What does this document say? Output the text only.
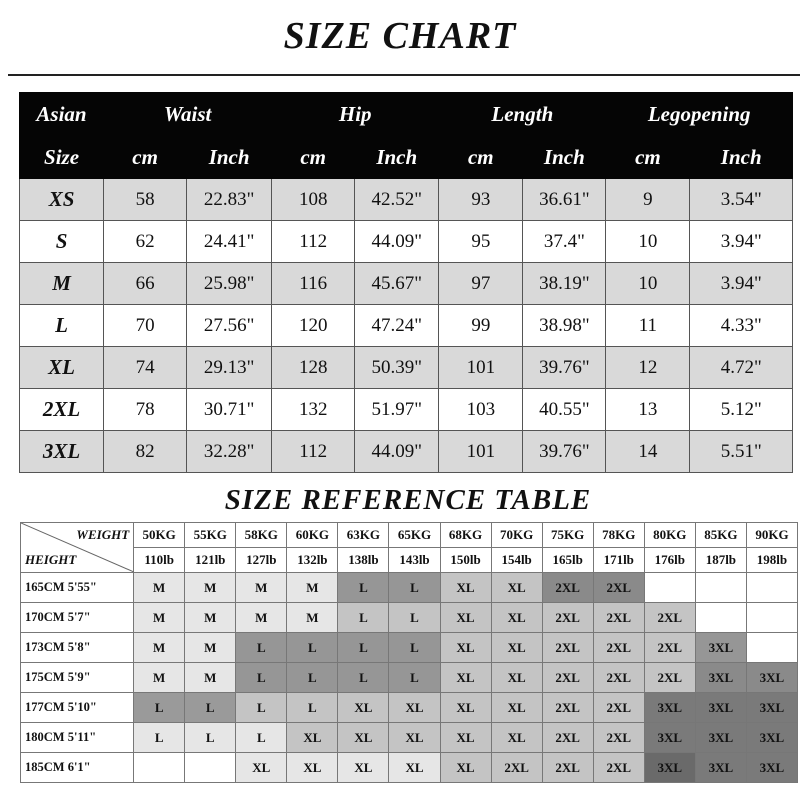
SIZE CHART
Asian	Waist		Hip		Length		Legopening	
Size	cm	Inch	cm	Inch	cm	Inch	cm	Inch
XS	58	22.83"	108	42.52"	93	36.61"	9	3.54"
S	62	24.41"	112	44.09"	95	37.4"	10	3.94"
M	66	25.98"	116	45.67"	97	38.19"	10	3.94"
L	70	27.56"	120	47.24"	99	38.98"	11	4.33"
XL	74	29.13"	128	50.39"	101	39.76"	12	4.72"
2XL	78	30.71"	132	51.97"	103	40.55"	13	5.12"
3XL	82	32.28"	112	44.09"	101	39.76"	14	5.51"
SIZE REFERENCE TABLE
WEIGHT
HEIGHT	50KG	55KG	58KG	60KG	63KG	65KG	68KG	70KG	75KG	78KG	80KG	85KG	90KG
	110lb	121lb	127lb	132lb	138lb	143lb	150lb	154lb	165lb	171lb	176lb	187lb	198lb
165CM 5'55"	M	M	M	M	L	L	XL	XL	2XL	2XL			
170CM 5'7"	M	M	M	M	L	L	XL	XL	2XL	2XL	2XL		
173CM 5'8"	M	M	L	L	L	L	XL	XL	2XL	2XL	2XL	3XL	
175CM 5'9"	M	M	L	L	L	L	XL	XL	2XL	2XL	2XL	3XL	3XL
177CM 5'10"	L	L	L	L	XL	XL	XL	XL	2XL	2XL	3XL	3XL	3XL
180CM 5'11"	L	L	L	XL	XL	XL	XL	XL	2XL	2XL	3XL	3XL	3XL
185CM 6'1"			XL	XL	XL	XL	XL	2XL	2XL	2XL	3XL	3XL	3XL
